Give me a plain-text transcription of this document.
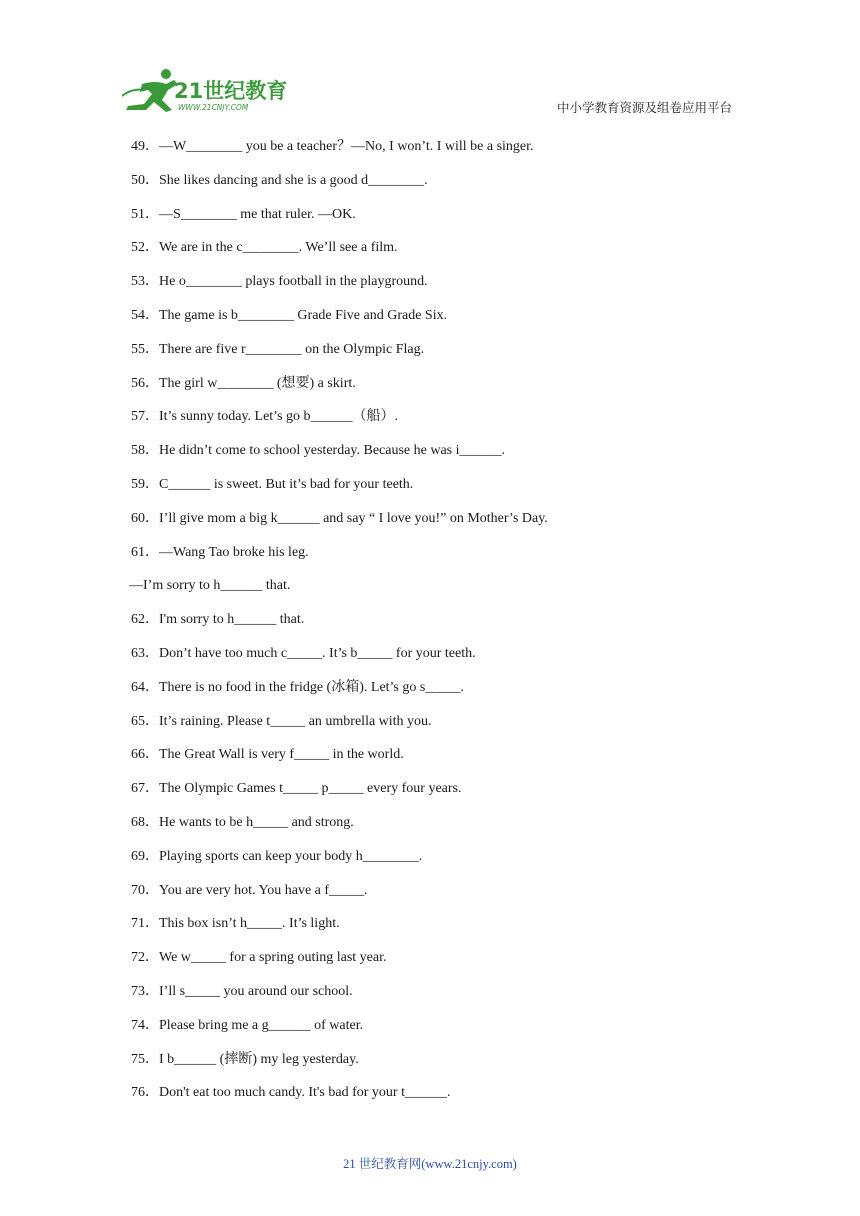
21世纪教育
WWW.21CNJY.COM	中小学教育资源及组卷应用平台
49．—W________ you be a teacher？—No, I won’t. I will be a singer.
50．She likes dancing and she is a good d________.
51．—S________ me that ruler. —OK.
52．We are in the c________. We’ll see a film.
53．He o________ plays football in the playground.
54．The game is b________ Grade Five and Grade Six.
55．There are five r________ on the Olympic Flag.
56．The girl w________ (想要) a skirt.
57．It’s sunny today. Let’s go b______（船）.
58．He didn’t come to school yesterday. Because he was i______.
59．C______ is sweet. But it’s bad for your teeth.
60．I’ll give mom a big k______ and say “ I love you!” on Mother’s Day.
61．—Wang Tao broke his leg.
—I’m sorry to h______ that.
62．I'm sorry to h______ that.
63．Don’t have too much c_____. It’s b_____ for your teeth.
64．There is no food in the fridge (冰箱). Let’s go s_____.
65．It’s raining. Please t_____ an umbrella with you.
66．The Great Wall is very f_____ in the world.
67．The Olympic Games t_____ p_____ every four years.
68．He wants to be h_____ and strong.
69．Playing sports can keep your body h________.
70．You are very hot. You have a f_____.
71．This box isn’t h_____. It’s light.
72．We w_____ for a spring outing last year.
73．I’ll s_____ you around our school.
74．Please bring me a g______ of water.
75．I b______ (摔断) my leg yesterday.
76．Don't eat too much candy. It's bad for your t______.
21 世纪教育网(www.21cnjy.com)
